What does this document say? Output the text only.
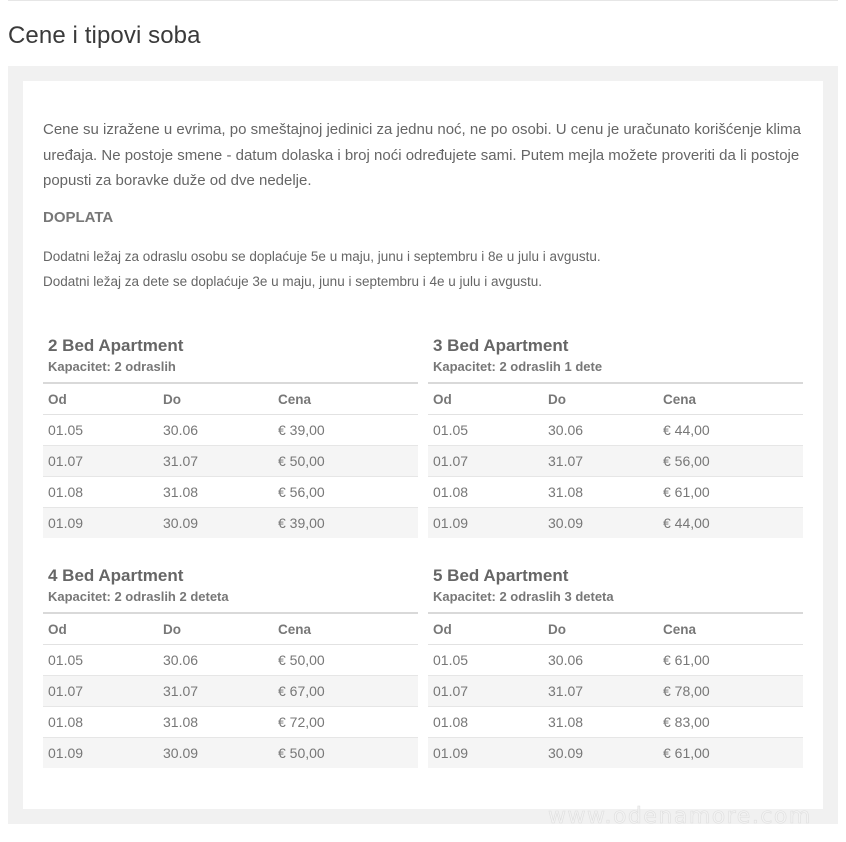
Cene i tipovi soba

Cene su izražene u evrima, po smeštajnoj jedinici za jednu noć, ne po osobi. U cenu je uračunato korišćenje klima uređaja. Ne postoje smene - datum dolaska i broj noći određujete sami. Putem mejla možete proveriti da li postoje popusti za boravke duže od dve nedelje.

DOPLATA

Dodatni ležaj za odraslu osobu se doplaćuje 5e u maju, junu i septembru i 8e u julu i avgustu.

Dodatni ležaj za dete se doplaćuje 3e u maju, junu i septembru i 4e u julu i avgustu.

2 Bed Apartment
Kapacitet: 2 odraslih
Od	Do	Cena
01.05	30.06	€ 39,00
01.07	31.07	€ 50,00
01.08	31.08	€ 56,00
01.09	30.09	€ 39,00
3 Bed Apartment
Kapacitet: 2 odraslih 1 dete
Od	Do	Cena
01.05	30.06	€ 44,00
01.07	31.07	€ 56,00
01.08	31.08	€ 61,00
01.09	30.09	€ 44,00
4 Bed Apartment
Kapacitet: 2 odraslih 2 deteta
Od	Do	Cena
01.05	30.06	€ 50,00
01.07	31.07	€ 67,00
01.08	31.08	€ 72,00
01.09	30.09	€ 50,00
5 Bed Apartment
Kapacitet: 2 odraslih 3 deteta
Od	Do	Cena
01.05	30.06	€ 61,00
01.07	31.07	€ 78,00
01.08	31.08	€ 83,00
01.09	30.09	€ 61,00
www.odenamore.com
